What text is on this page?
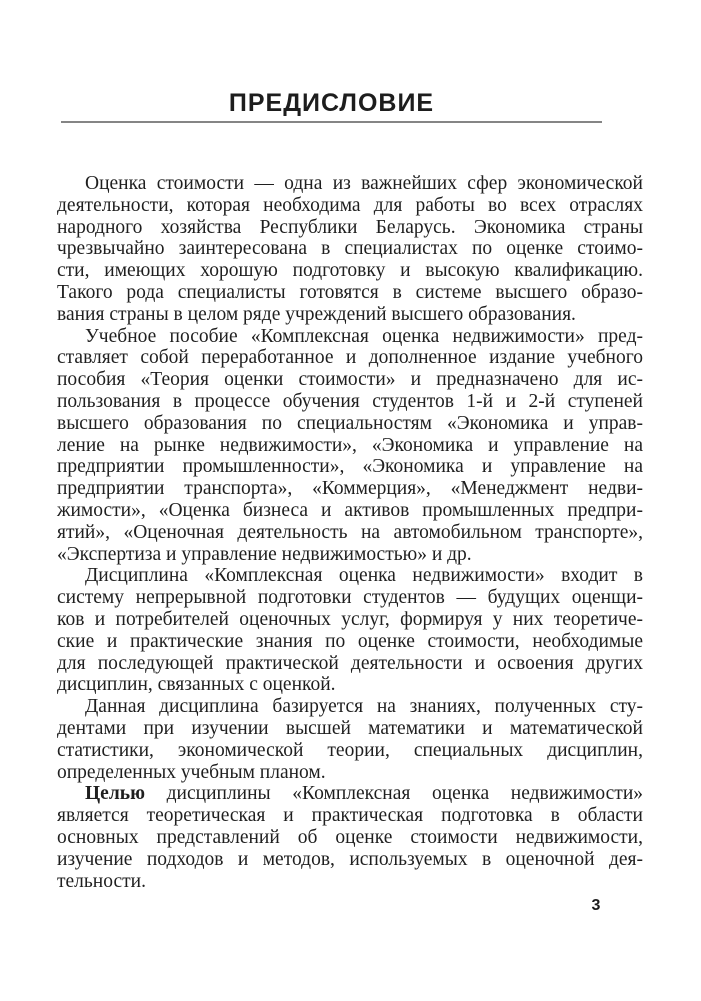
ПРЕДИСЛОВИЕ

Оценка стоимости — одна из важнейших сфер экономической
деятельности, которая необходима для работы во всех отраслях
народного хозяйства Республики Беларусь. Экономика страны
чрезвычайно заинтересована в специалистах по оценке стоимо-
сти, имеющих хорошую подготовку и высокую квалификацию.
Такого рода специалисты готовятся в системе высшего образо-
вания страны в целом ряде учреждений высшего образования.

Учебное пособие «Комплексная оценка недвижимости» пред-
ставляет собой переработанное и дополненное издание учебного
пособия «Теория оценки стоимости» и предназначено для ис-
пользования в процессе обучения студентов 1-й и 2-й ступеней
высшего образования по специальностям «Экономика и управ-
ление на рынке недвижимости», «Экономика и управление на
предприятии промышленности», «Экономика и управление на
предприятии транспорта», «Коммерция», «Менеджмент недви-
жимости», «Оценка бизнеса и активов промышленных предпри-
ятий», «Оценочная деятельность на автомобильном транспорте»,
«Экспертиза и управление недвижимостью» и др.

Дисциплина «Комплексная оценка недвижимости» входит в
систему непрерывной подготовки студентов — будущих оценщи-
ков и потребителей оценочных услуг, формируя у них теоретиче-
ские и практические знания по оценке стоимости, необходимые
для последующей практической деятельности и освоения других
дисциплин, связанных с оценкой.

Данная дисциплина базируется на знаниях, полученных сту-
дентами при изучении высшей математики и математической
статистики, экономической теории, специальных дисциплин,
определенных учебным планом.

Целью дисциплины «Комплексная оценка недвижимости»
является теоретическая и практическая подготовка в области
основных представлений об оценке стоимости недвижимости,
изучение подходов и методов, используемых в оценочной дея-
тельности.

3
